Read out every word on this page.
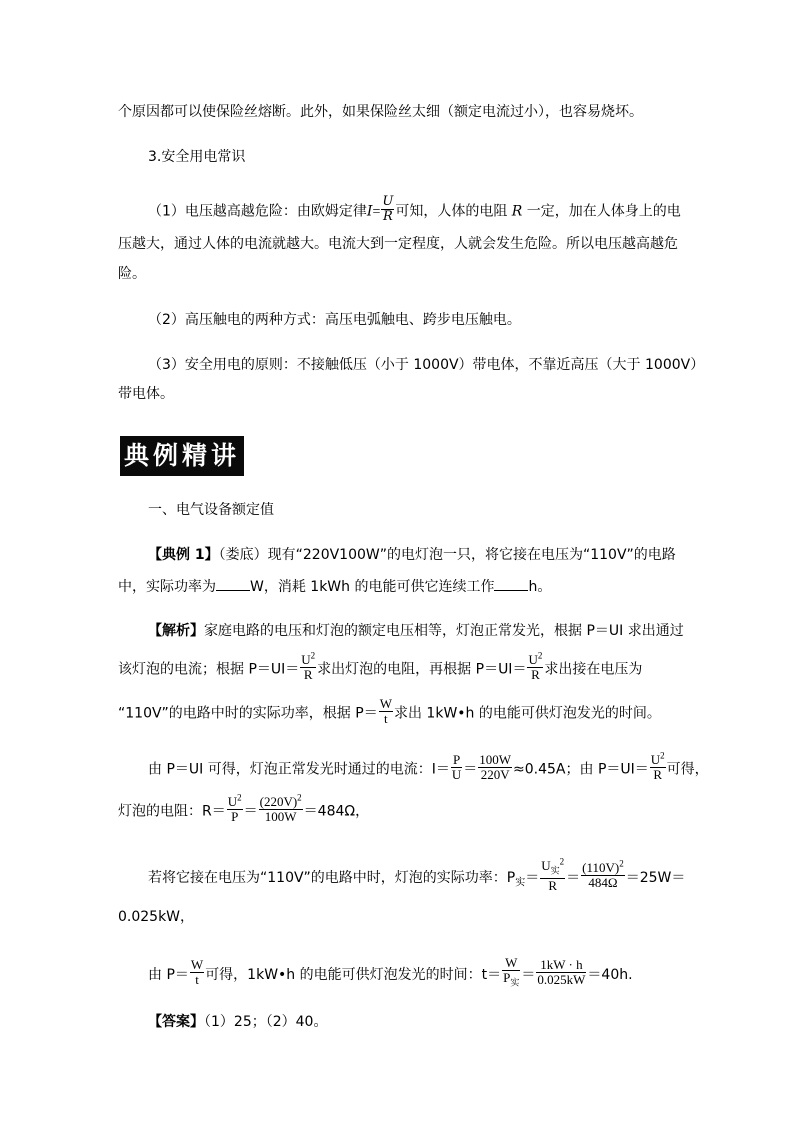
个原因都可以使保险丝熔断。此外，如果保险丝太细（额定电流过小），也容易烧坏。
3.安全用电常识
（1）电压越高越危险：由欧姆定律$I= \frac{U}{R}$ 可知，人体的电阻 R 一定，加在人体身上的电
压越大，通过人体的电流就越大。电流大到一定程度，人就会发生危险。所以电压越高越危
险。
（2）高压触电的两种方式：高压电弧触电、跨步电压触电。
（3）安全用电的原则：不接触低压（小于 1000V）带电体，不靠近高压（大于 1000V）
带电体。
典例精讲
一、电气设备额定值
【典例 1】（娄底）现有“220V100W”的电灯泡一只，将它接在电压为“110V”的电路
中，实际功率为 W，消耗 1kWh 的电能可供它连续工作 h。
【解析】家庭电路的电压和灯泡的额定电压相等，灯泡正常发光，根据 P＝UI 求出通过
该灯泡的电流；根据 $P=UI= \frac{U^2}{R}$ 求出灯泡的电阻，再根据 $P=UI= \frac{U^2}{R}$ 求出接在电压为
“110V”的电路中时的实际功率，根据 $P= \frac{W}{t}$ 求出 1kW•h 的电能可供灯泡发光的时间。
由 P＝UI 可得，灯泡正常发光时通过的电流：$I= \frac{P}{U} = \frac{100W}{220V} \approx 0.45A$；由 $P=UI= \frac{U^2}{R}$ 可得，
灯泡的电阻：$R= \frac{U^2}{P} = \frac{(220V)^2}{100W} =484\Omega$，
若将它接在电压为“110V”的电路中时，灯泡的实际功率：$P_实= \frac{U_实^2}{R} = \frac{(110V)^2}{484\Omega} =25W=$
0.025kW，
由 $P= \frac{W}{t}$ 可得，1kW•h 的电能可供灯泡发光的时间：$t= \frac{W}{P_实} = \frac{1kW \cdot h}{0.025kW} =40h$.
【答案】（1）25；（2）40。
